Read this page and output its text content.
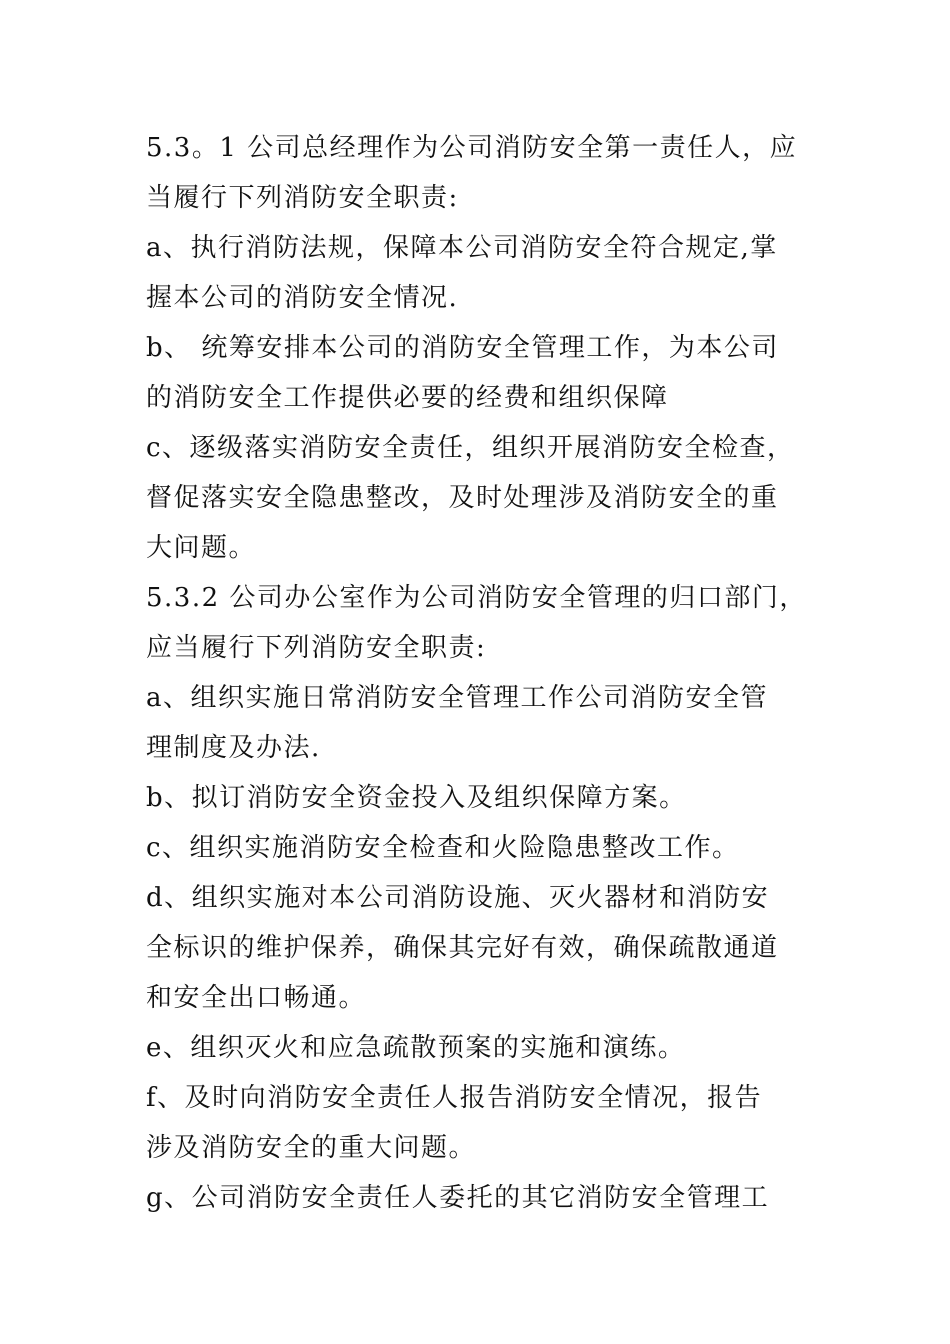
5.3。1 公司总经理作为公司消防安全第一责任人，应
当履行下列消防安全职责:
a、执行消防法规，保障本公司消防安全符合规定,掌
握本公司的消防安全情况.
b、 统筹安排本公司的消防安全管理工作，为本公司
的消防安全工作提供必要的经费和组织保障
c、逐级落实消防安全责任，组织开展消防安全检查，
督促落实安全隐患整改，及时处理涉及消防安全的重
大问题。
5.3.2 公司办公室作为公司消防安全管理的归口部门，
应当履行下列消防安全职责:
a、组织实施日常消防安全管理工作公司消防安全管
理制度及办法.
b、拟订消防安全资金投入及组织保障方案。
c、组织实施消防安全检查和火险隐患整改工作。
d、组织实施对本公司消防设施、灭火器材和消防安
全标识的维护保养，确保其完好有效，确保疏散通道
和安全出口畅通。
e、组织灭火和应急疏散预案的实施和演练。
f、及时向消防安全责任人报告消防安全情况，报告
涉及消防安全的重大问题。
g、公司消防安全责任人委托的其它消防安全管理工
